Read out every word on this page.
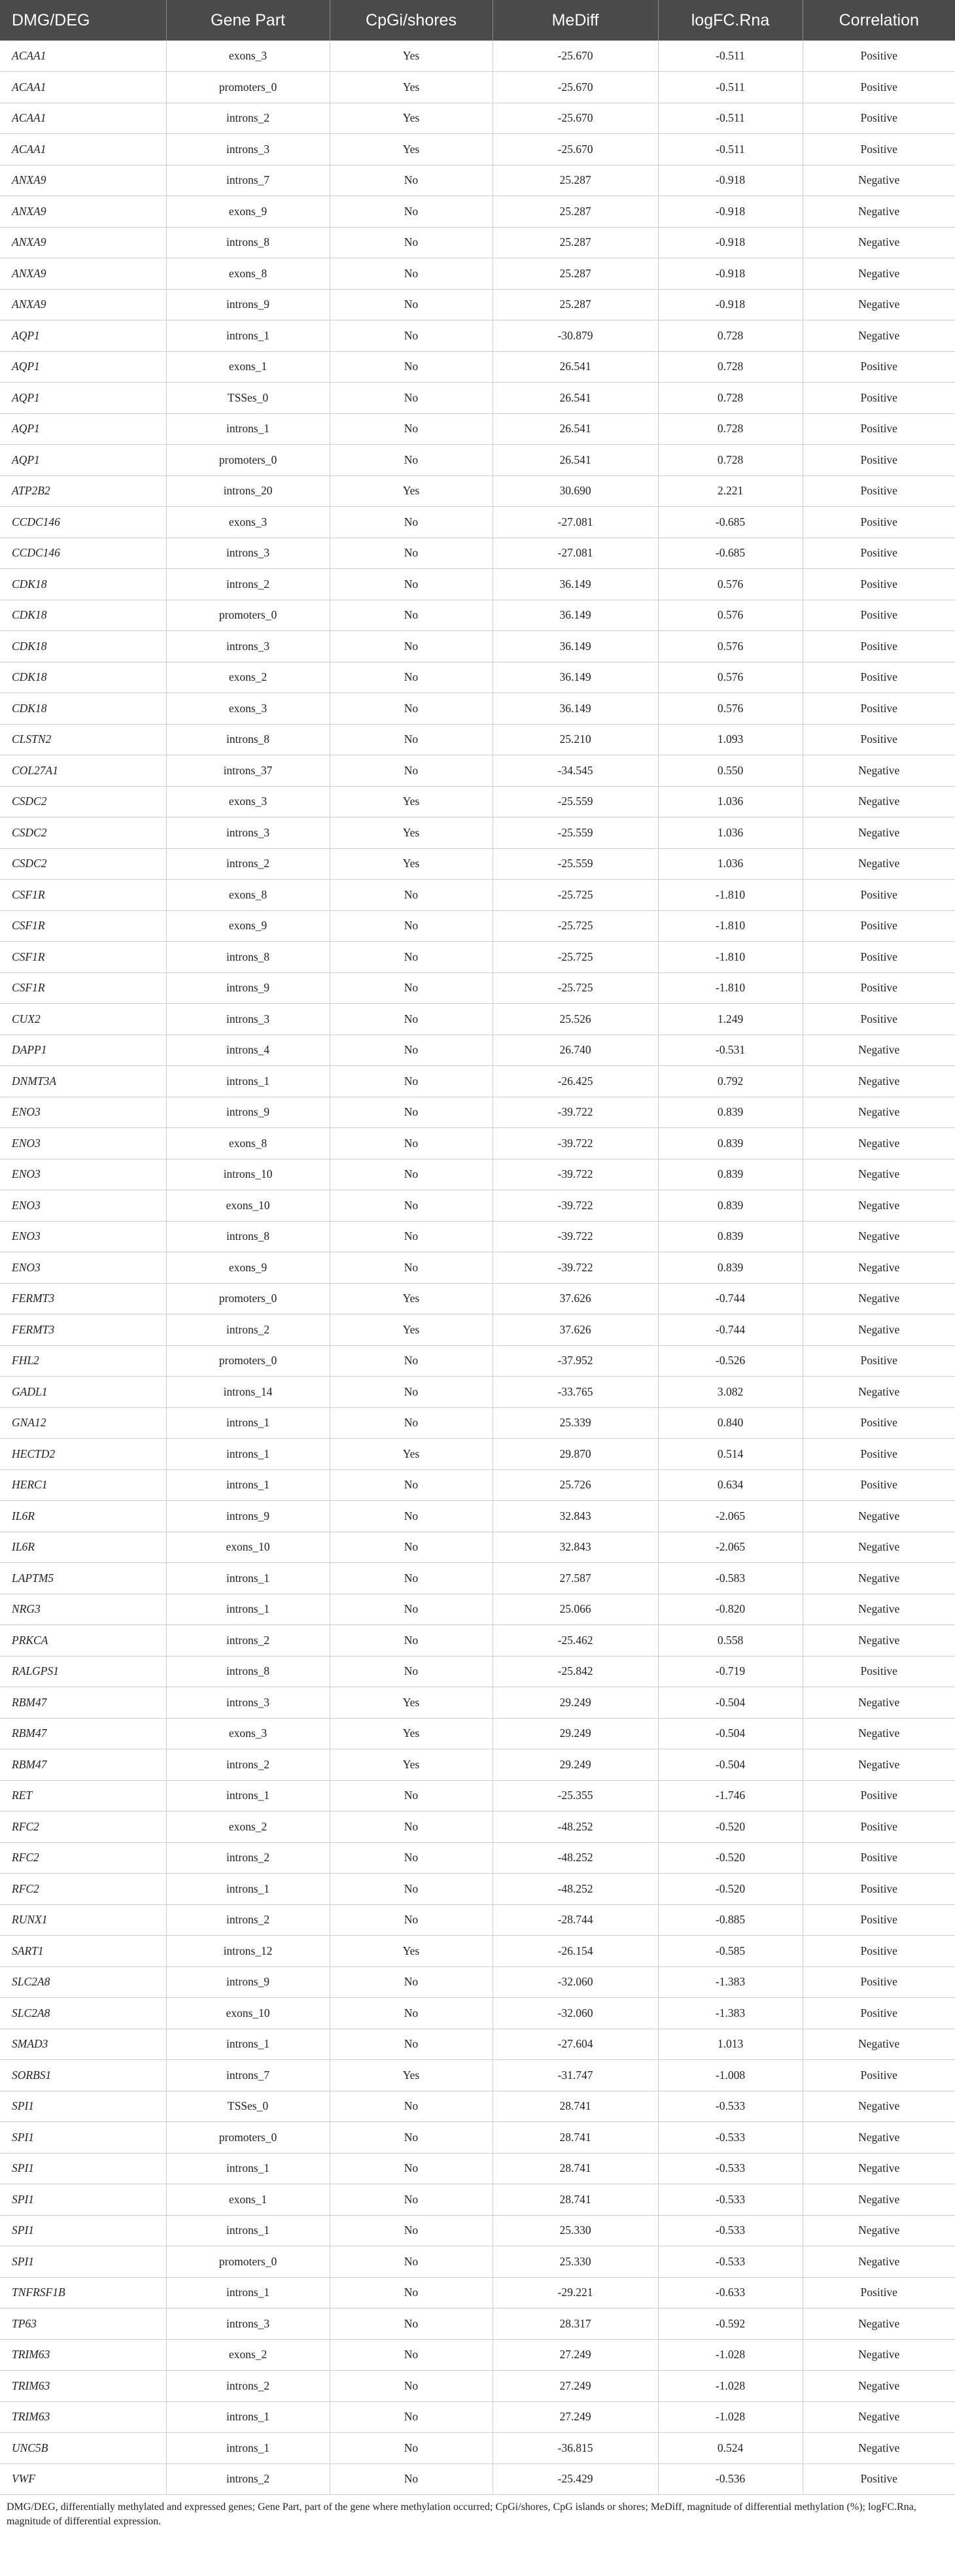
DMG/DEG	Gene Part	CpGi/shores	MeDiff	logFC.Rna	Correlation
ACAA1	exons_3	Yes	-25.670	-0.511	Positive
ACAA1	promoters_0	Yes	-25.670	-0.511	Positive
ACAA1	introns_2	Yes	-25.670	-0.511	Positive
ACAA1	introns_3	Yes	-25.670	-0.511	Positive
ANXA9	introns_7	No	25.287	-0.918	Negative
ANXA9	exons_9	No	25.287	-0.918	Negative
ANXA9	introns_8	No	25.287	-0.918	Negative
ANXA9	exons_8	No	25.287	-0.918	Negative
ANXA9	introns_9	No	25.287	-0.918	Negative
AQP1	introns_1	No	-30.879	0.728	Negative
AQP1	exons_1	No	26.541	0.728	Positive
AQP1	TSSes_0	No	26.541	0.728	Positive
AQP1	introns_1	No	26.541	0.728	Positive
AQP1	promoters_0	No	26.541	0.728	Positive
ATP2B2	introns_20	Yes	30.690	2.221	Positive
CCDC146	exons_3	No	-27.081	-0.685	Positive
CCDC146	introns_3	No	-27.081	-0.685	Positive
CDK18	introns_2	No	36.149	0.576	Positive
CDK18	promoters_0	No	36.149	0.576	Positive
CDK18	introns_3	No	36.149	0.576	Positive
CDK18	exons_2	No	36.149	0.576	Positive
CDK18	exons_3	No	36.149	0.576	Positive
CLSTN2	introns_8	No	25.210	1.093	Positive
COL27A1	introns_37	No	-34.545	0.550	Negative
CSDC2	exons_3	Yes	-25.559	1.036	Negative
CSDC2	introns_3	Yes	-25.559	1.036	Negative
CSDC2	introns_2	Yes	-25.559	1.036	Negative
CSF1R	exons_8	No	-25.725	-1.810	Positive
CSF1R	exons_9	No	-25.725	-1.810	Positive
CSF1R	introns_8	No	-25.725	-1.810	Positive
CSF1R	introns_9	No	-25.725	-1.810	Positive
CUX2	introns_3	No	25.526	1.249	Positive
DAPP1	introns_4	No	26.740	-0.531	Negative
DNMT3A	introns_1	No	-26.425	0.792	Negative
ENO3	introns_9	No	-39.722	0.839	Negative
ENO3	exons_8	No	-39.722	0.839	Negative
ENO3	introns_10	No	-39.722	0.839	Negative
ENO3	exons_10	No	-39.722	0.839	Negative
ENO3	introns_8	No	-39.722	0.839	Negative
ENO3	exons_9	No	-39.722	0.839	Negative
FERMT3	promoters_0	Yes	37.626	-0.744	Negative
FERMT3	introns_2	Yes	37.626	-0.744	Negative
FHL2	promoters_0	No	-37.952	-0.526	Positive
GADL1	introns_14	No	-33.765	3.082	Negative
GNA12	introns_1	No	25.339	0.840	Positive
HECTD2	introns_1	Yes	29.870	0.514	Positive
HERC1	introns_1	No	25.726	0.634	Positive
IL6R	introns_9	No	32.843	-2.065	Negative
IL6R	exons_10	No	32.843	-2.065	Negative
LAPTM5	introns_1	No	27.587	-0.583	Negative
NRG3	introns_1	No	25.066	-0.820	Negative
PRKCA	introns_2	No	-25.462	0.558	Negative
RALGPS1	introns_8	No	-25.842	-0.719	Positive
RBM47	introns_3	Yes	29.249	-0.504	Negative
RBM47	exons_3	Yes	29.249	-0.504	Negative
RBM47	introns_2	Yes	29.249	-0.504	Negative
RET	introns_1	No	-25.355	-1.746	Positive
RFC2	exons_2	No	-48.252	-0.520	Positive
RFC2	introns_2	No	-48.252	-0.520	Positive
RFC2	introns_1	No	-48.252	-0.520	Positive
RUNX1	introns_2	No	-28.744	-0.885	Positive
SART1	introns_12	Yes	-26.154	-0.585	Positive
SLC2A8	introns_9	No	-32.060	-1.383	Positive
SLC2A8	exons_10	No	-32.060	-1.383	Positive
SMAD3	introns_1	No	-27.604	1.013	Negative
SORBS1	introns_7	Yes	-31.747	-1.008	Positive
SPI1	TSSes_0	No	28.741	-0.533	Negative
SPI1	promoters_0	No	28.741	-0.533	Negative
SPI1	introns_1	No	28.741	-0.533	Negative
SPI1	exons_1	No	28.741	-0.533	Negative
SPI1	introns_1	No	25.330	-0.533	Negative
SPI1	promoters_0	No	25.330	-0.533	Negative
TNFRSF1B	introns_1	No	-29.221	-0.633	Positive
TP63	introns_3	No	28.317	-0.592	Negative
TRIM63	exons_2	No	27.249	-1.028	Negative
TRIM63	introns_2	No	27.249	-1.028	Negative
TRIM63	introns_1	No	27.249	-1.028	Negative
UNC5B	introns_1	No	-36.815	0.524	Negative
VWF	introns_2	No	-25.429	-0.536	Positive
DMG/DEG, differentially methylated and expressed genes; Gene Part, part of the gene where methylation occurred; CpGi/shores, CpG islands or shores; MeDiff, magnitude of differential methylation (%); logFC.Rna, magnitude of differential expression.
